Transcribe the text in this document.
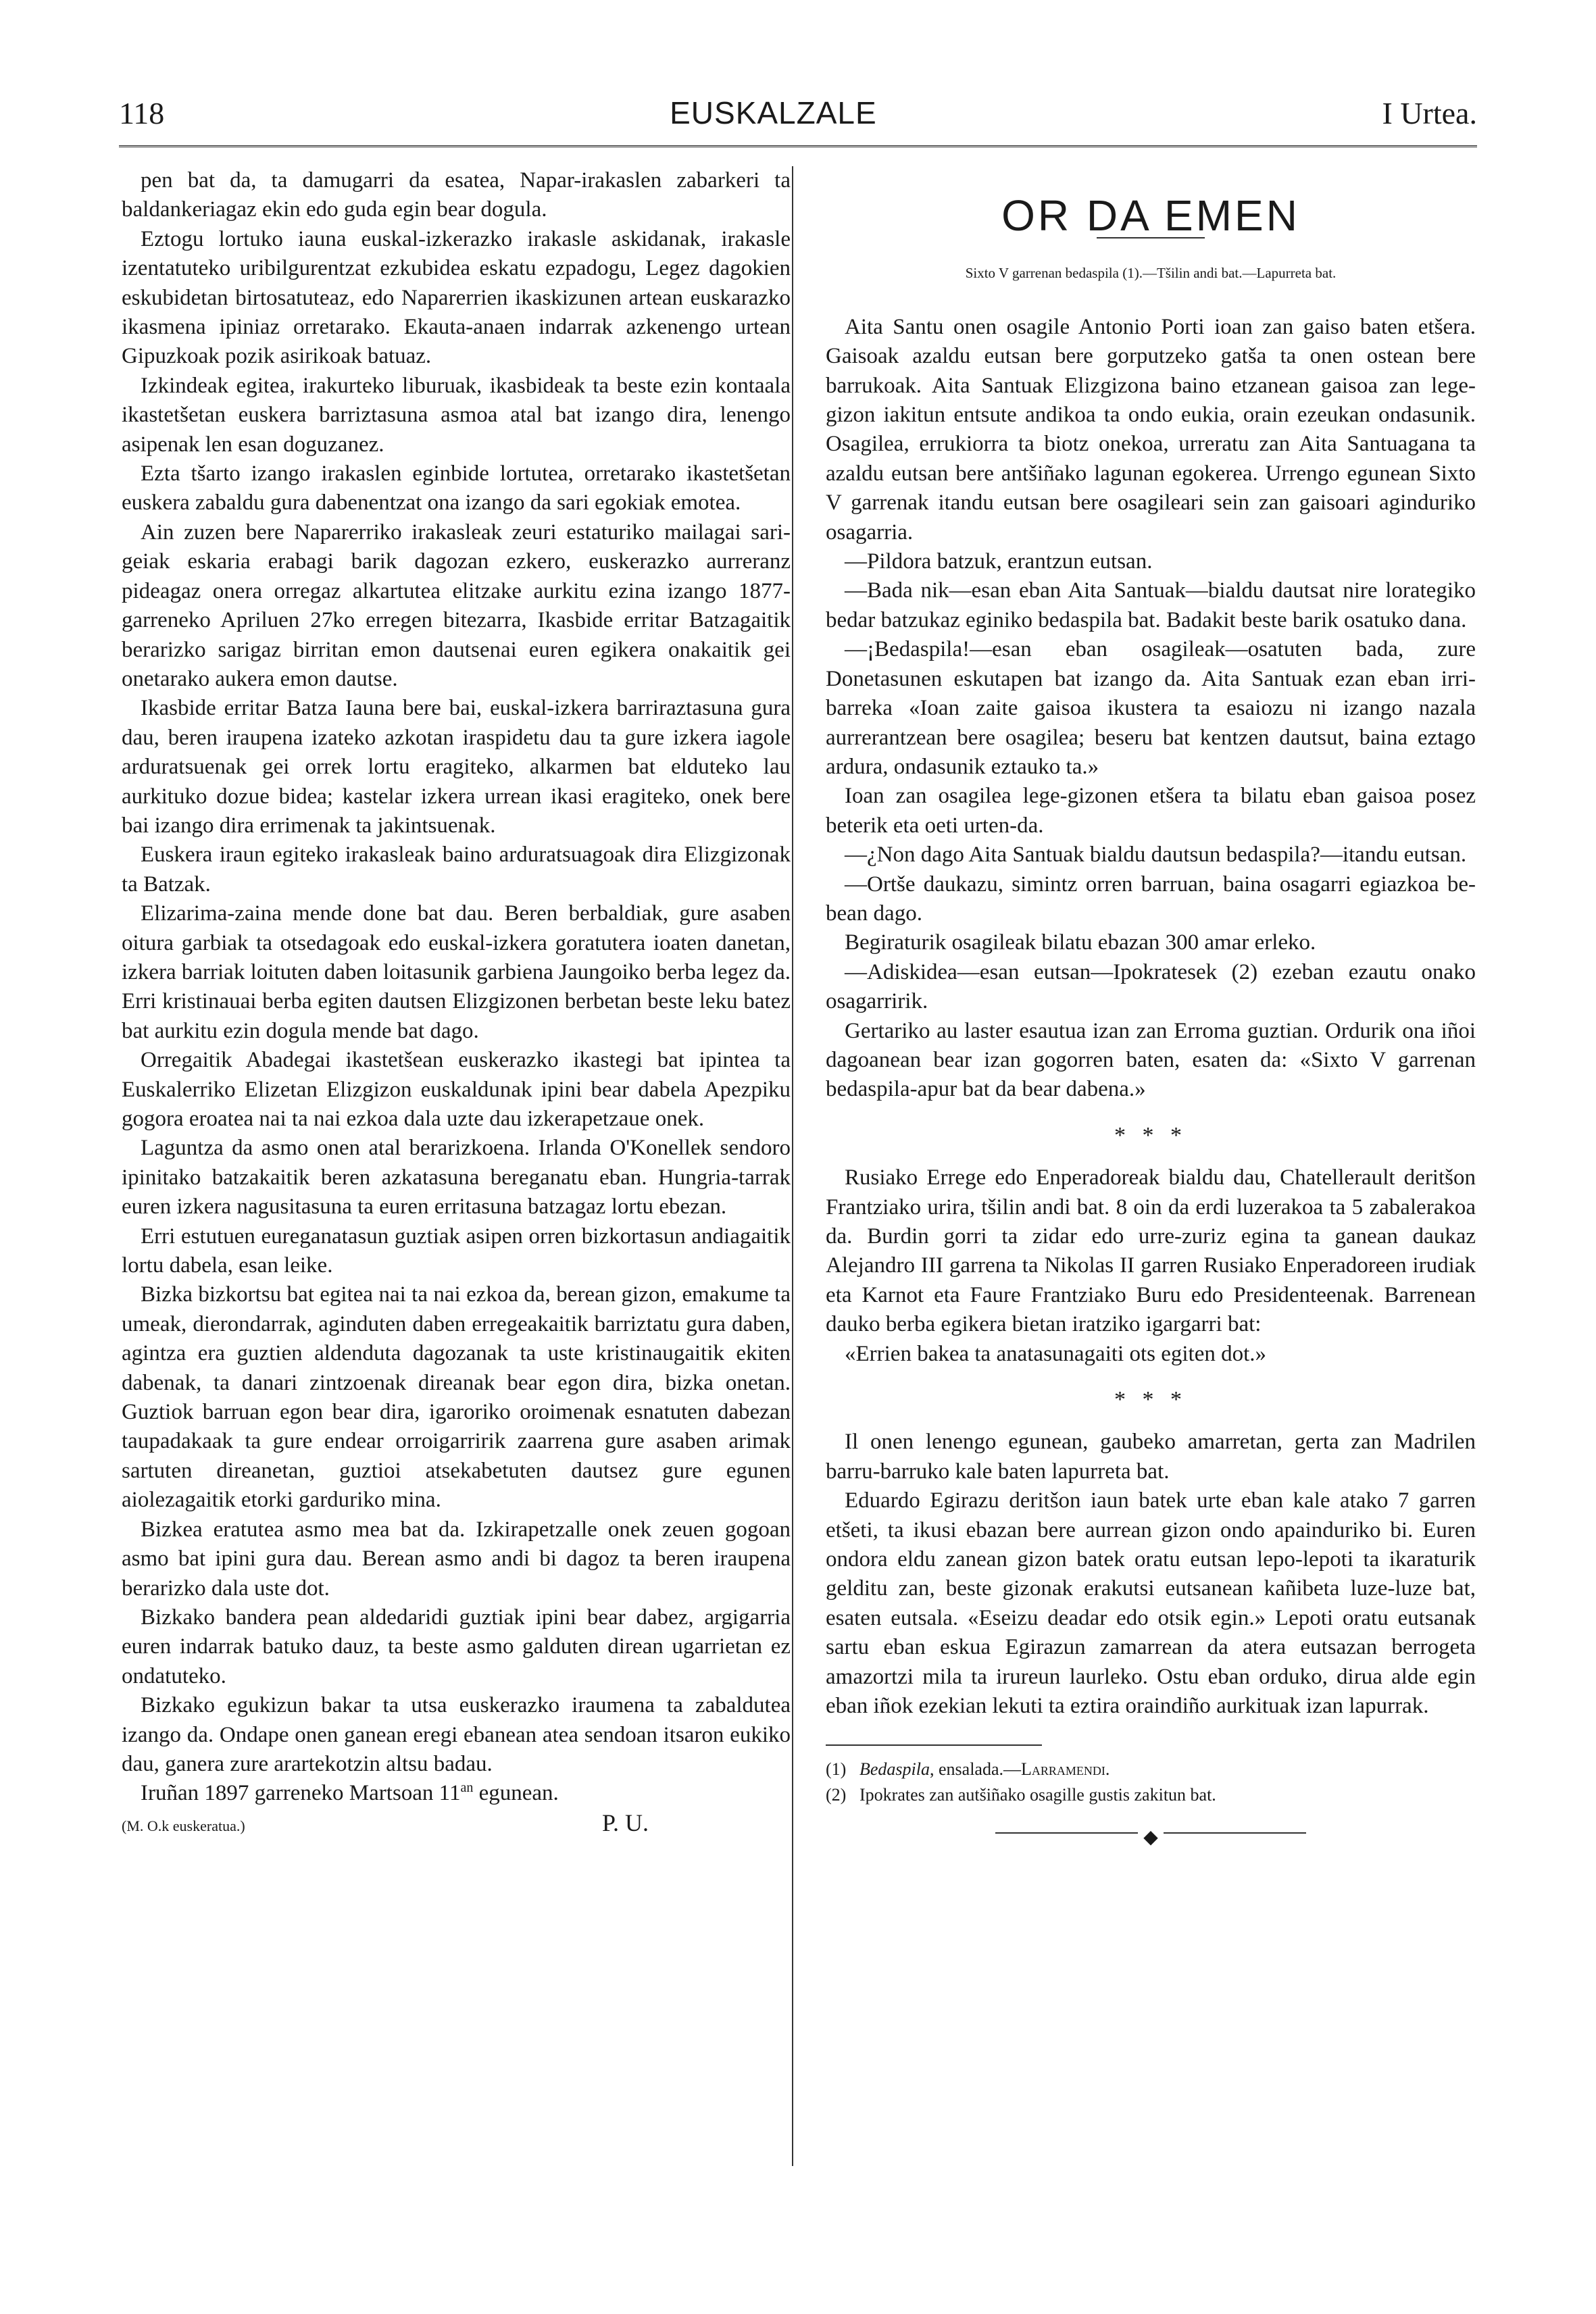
118	EUSKALZALE	I Urtea.

pen bat da, ta damugarri da esatea, Napar-irakaslen zabarkeri ta baldankeriagaz ekin edo guda egin bear dogula.

Eztogu lortuko iauna euskal-izkerazko irakasle askidanak, irakasle izentatuteko uribilgurentzat ezkubidea eskatu ezpadogu, Legez dagokien eskubidetan birtosatuteaz, edo Naparerrien ikaskizunen artean euskarazko ikasmena ipiniaz orretarako. Ekauta-anaen indarrak azkenengo urtean Gipuzkoak pozik asirikoak batuaz.

Izkindeak egitea, irakurteko liburuak, ikasbideak ta beste ezin kontaala ikastetšetan euskera barriztasuna asmoa atal bat izango dira, lenengo asipenak len esan doguzanez.

Ezta tšarto izango irakaslen eginbide lortutea, orretarako ikastetšetan euskera zabaldu gura dabenentzat ona izango da sari egokiak emotea.

Ain zuzen bere Naparerriko irakasleak zeuri estaturiko mailagai sari-geiak eskaria erabagi barik dagozan ezkero, euskerazko aurreranz pideagaz onera orregaz alkartutea elitzake aurkitu ezina izango 1877-garreneko Apriluen 27ko erregen bitezarra, Ikasbide erritar Batzagaitik berarizko sarigaz birritan emon dautsenai euren egikera onakaitik gei onetarako aukera emon dautse.

Ikasbide erritar Batza Iauna bere bai, euskal-izkera barriraztasuna gura dau, beren iraupena izateko azkotan iraspidetu dau ta gure izkera iagole arduratsuenak gei orrek lortu eragiteko, alkarmen bat elduteko lau aurkituko dozue bidea; kastelar izkera urrean ikasi eragiteko, onek bere bai izango dira errimenak ta jakintsuenak.

Euskera iraun egiteko irakasleak baino arduratsuagoak dira Elizgizonak ta Batzak.

Elizarima-zaina mende done bat dau. Beren berbaldiak, gure asaben oitura garbiak ta otsedagoak edo euskal-izkera goratutera ioaten danetan, izkera barriak loituten daben loitasunik garbiena Jaungoiko berba legez da. Erri kristinauai berba egiten dautsen Elizgizonen berbetan beste leku batez bat aurkitu ezin dogula mende bat dago.

Orregaitik Abadegai ikastetšean euskerazko ikastegi bat ipintea ta Euskalerriko Elizetan Elizgizon euskaldunak ipini bear dabela Apezpiku gogora eroatea nai ta nai ezkoa dala uzte dau izkerapetzaue onek.

Laguntza da asmo onen atal berarizkoena. Irlanda O'Konellek sendoro ipinitako batzakaitik beren azkatasuna bereganatu eban. Hungria-tarrak euren izkera nagusitasuna ta euren erritasuna batzagaz lortu ebezan.

Erri estutuen eureganatasun guztiak asipen orren bizkortasun andiagaitik lortu dabela, esan leike.

Bizka bizkortsu bat egitea nai ta nai ezkoa da, berean gizon, emakume ta umeak, dierondarrak, aginduten daben erregeakaitik barriztatu gura daben, agintza era guztien aldenduta dagozanak ta uste kristinaugaitik ekiten dabenak, ta danari zintzoenak direanak bear egon dira, bizka onetan. Guztiok barruan egon bear dira, igaroriko oroimenak esnatuten dabezan taupadakaak ta gure endear orroigarririk zaarrena gure asaben arimak sartuten direanetan, guztioi atsekabetuten dautsez gure egunen aiolezagaitik etorki garduriko mina.

Bizkea eratutea asmo mea bat da. Izkirapetzalle onek zeuen gogoan asmo bat ipini gura dau. Berean asmo andi bi dagoz ta beren iraupena berarizko dala uste dot.

Bizkako bandera pean aldedaridi guztiak ipini bear dabez, argigarria euren indarrak batuko dauz, ta beste asmo galduten direan ugarrietan ez ondatuteko.

Bizkako egukizun bakar ta utsa euskerazko iraumena ta zabaldutea izango da. Ondape onen ganean eregi ebanean atea sendoan itsaron eukiko dau, ganera zure arartekotzin altsu badau.

Iruñan 1897 garreneko Martsoan $11^{an}$ egunean.

(M. O.k euskeratua.)	P. U.
OR DA EMEN
Sixto V garrenan bedaspila (1).—Tšilin andi bat.—Lapurreta bat.

Aita Santu onen osagile Antonio Porti ioan zan gaiso baten etšera. Gaisoak azaldu eutsan bere gorputzeko gatša ta onen ostean bere barrukoak. Aita Santuak Elizgizona baino etzanean gaisoa zan lege-gizon iakitun entsute andikoa ta ondo eukia, orain ezeukan ondasunik. Osagilea, errukiorra ta biotz onekoa, urreratu zan Aita Santuagana ta azaldu eutsan bere antšiñako lagunan egokerea. Urrengo egunean Sixto V garrenak itandu eutsan bere osagileari sein zan gaisoari aginduriko osagarria.

—Pildora batzuk, erantzun eutsan.

—Bada nik—esan eban Aita Santuak—bialdu dautsat nire lorategiko bedar batzukaz eginiko bedaspila bat. Badakit beste barik osatuko dana.

—¡Bedaspila!—esan eban osagileak—osatuten bada, zure Donetasunen eskutapen bat izango da. Aita Santuak ezan eban irri-barreka «Ioan zaite gaisoa ikustera ta esaiozu ni izango nazala aurrerantzean bere osagilea; beseru bat kentzen dautsut, baina eztago ardura, ondasunik eztauko ta.»

Ioan zan osagilea lege-gizonen etšera ta bilatu eban gaisoa posez beterik eta oeti urten-da.

—¿Non dago Aita Santuak bialdu dautsun bedaspila?—itandu eutsan.

—Ortše daukazu, simintz orren barruan, baina osagarri egiazkoa be-bean dago.

Begiraturik osagileak bilatu ebazan 300 amar erleko.

—Adiskidea—esan eutsan—Ipokratesek (2) ezeban ezautu onako osagarririk.

Gertariko au laster esautua izan zan Erroma guztian. Ordurik ona iñoi dagoanean bear izan gogorren baten, esaten da: «Sixto V garrenan bedaspila-apur bat da bear dabena.»

* * *

Rusiako Errege edo Enperadoreak bialdu dau, Chatellerault deritšon Frantziako urira, tšilin andi bat. 8 oin da erdi luzerakoa ta 5 zabalerakoa da. Burdin gorri ta zidar edo urre-zuriz egina ta ganean daukaz Alejandro III garrena ta Nikolas II garren Rusiako Enperadoreen irudiak eta Karnot eta Faure Frantziako Buru edo Presidenteenak. Barrenean dauko berba egikera bietan iratziko igargarri bat:

«Errien bakea ta anatasunagaiti ots egiten dot.»

* * *

Il onen lenengo egunean, gaubeko amarretan, gerta zan Madrilen barru-barruko kale baten lapurreta bat.

Eduardo Egirazu deritšon iaun batek urte eban kale atako 7 garren etšeti, ta ikusi ebazan bere aurrean gizon ondo apainduriko bi. Euren ondora eldu zanean gizon batek oratu eutsan lepo-lepoti ta ikaraturik gelditu zan, beste gizonak erakutsi eutsanean kañibeta luze-luze bat, esaten eutsala. «Eseizu deadar edo otsik egin.» Lepoti oratu eutsanak sartu eban eskua Egirazun zamarrean da atera eutsazan berrogeta amazortzi mila ta irureun laurleko. Ostu eban orduko, dirua alde egin eban iñok ezekian lekuti ta eztira oraindiño aurkituak izan lapurrak.

(1) Bedaspila, ensalada.—Larramendi.

(2) Ipokrates zan autšiñako osagille gustis zakitun bat.

◆
